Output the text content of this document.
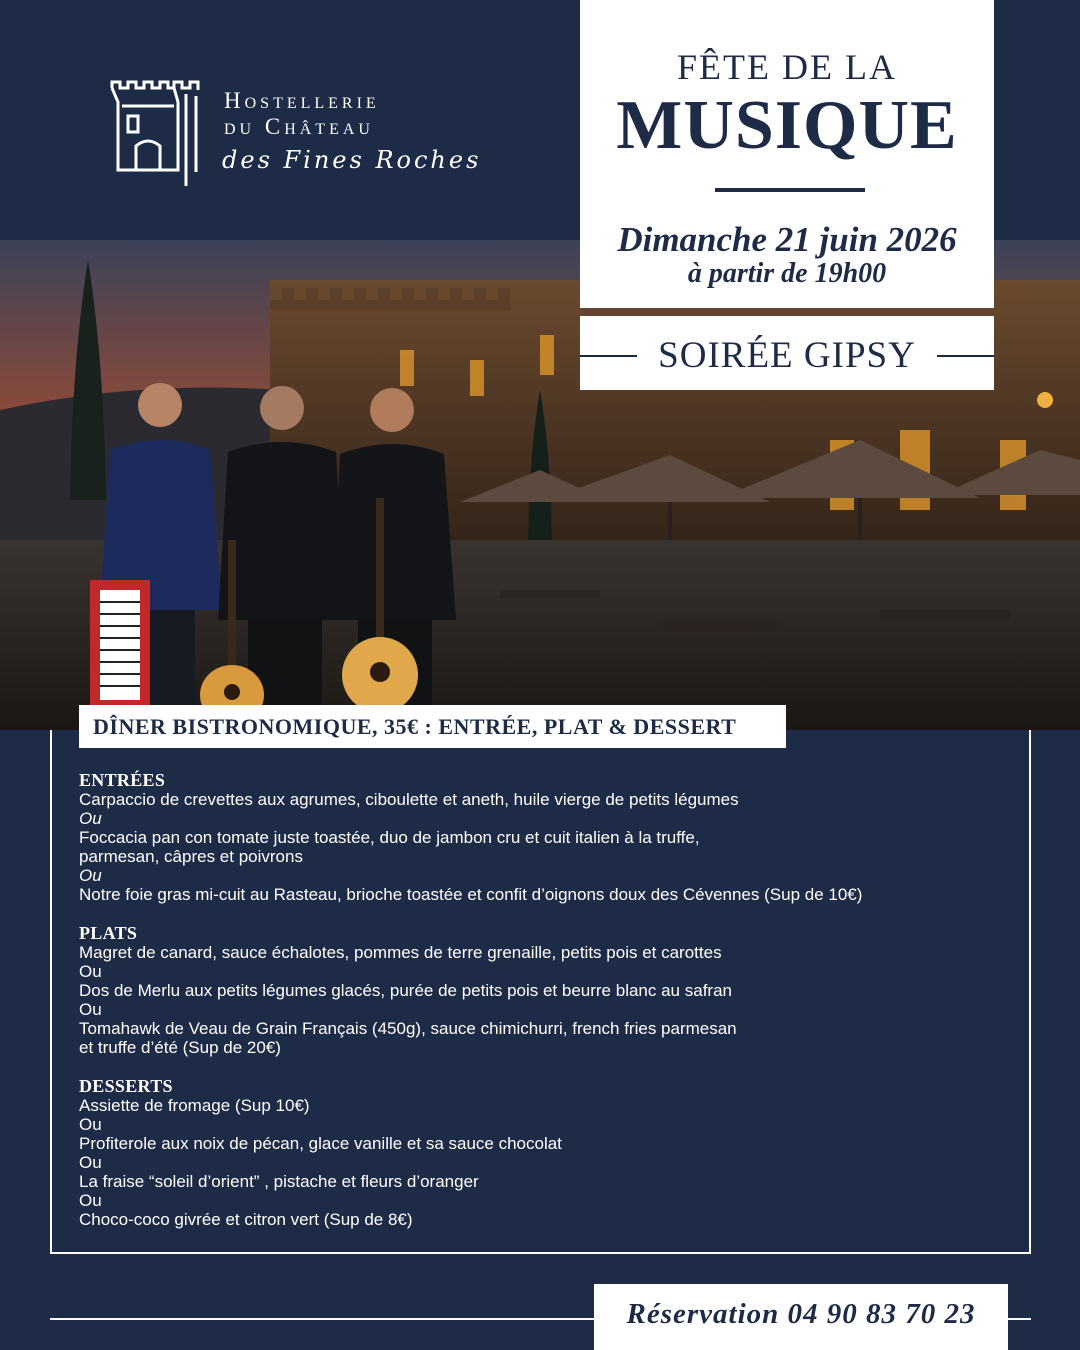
Hostellerie
du Château
des Fines Roches
FÊTE DE LA
MUSIQUE
Dimanche 21 juin 2026
à partir de 19h00
SOIRÉE GIPSY
DÎNER BISTRONOMIQUE, 35€ : ENTRÉE, PLAT & DESSERT
ENTRÉES
Carpaccio de crevettes aux agrumes, ciboulette et aneth, huile vierge de petits légumes
Ou
Foccacia pan con tomate juste toastée, duo de jambon cru et cuit italien à la truffe,
parmesan, câpres et poivrons
Ou
Notre foie gras mi-cuit au Rasteau, brioche toastée et confit d’oignons doux des Cévennes (Sup de 10€)
PLATS
Magret de canard, sauce échalotes, pommes de terre grenaille, petits pois et carottes
Ou
Dos de Merlu aux petits légumes glacés, purée de petits pois et beurre blanc au safran
Ou
Tomahawk de Veau de Grain Français (450g), sauce chimichurri, french fries parmesan
et truffe d’été (Sup de 20€)
DESSERTS
Assiette de fromage (Sup 10€)
Ou
Profiterole aux noix de pécan, glace vanille et sa sauce chocolat
Ou
La fraise “soleil d’orient” , pistache et fleurs d’oranger
Ou
Choco-coco givrée et citron vert (Sup de 8€)
Réservation 04 90 83 70 23
